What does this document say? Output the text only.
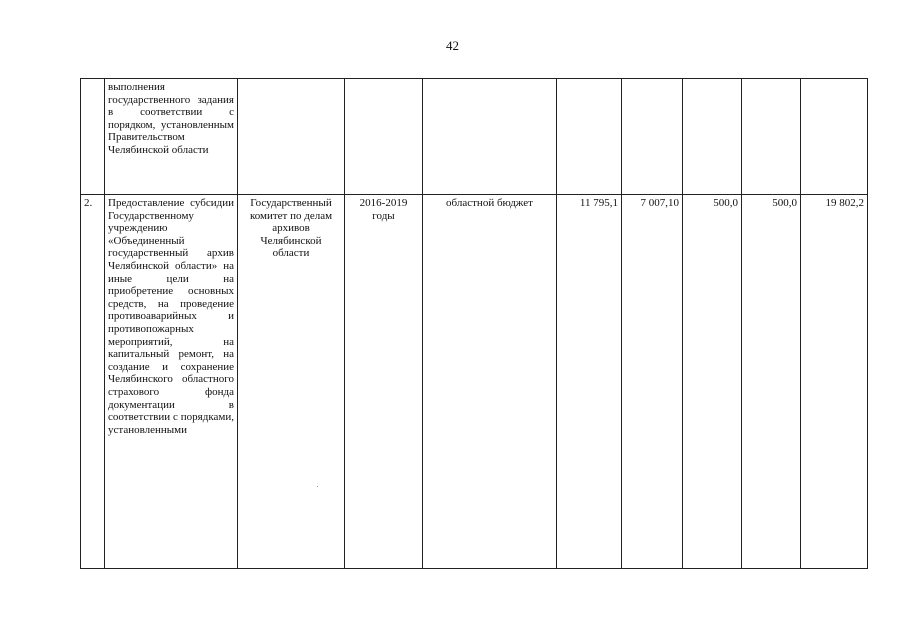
42
	выполнения государственного задания в соответствии с порядком, установленным Правительством Челябинской области								
2.	Предоставление субсидии Государственному учреждению «Объединенный государственный архив Челябинской области» на иные цели на приобретение основных средств, на проведение противоаварийных и противопожарных мероприятий, на капитальный ремонт, на создание и сохранение Челябинского областного страхового фонда документации в соответствии с порядками, установленными	Государственный комитет по делам архивов Челябинской области	2016-2019 годы	областной бюджет	11 795,1	7 007,10	500,0	500,0	19 802,2
